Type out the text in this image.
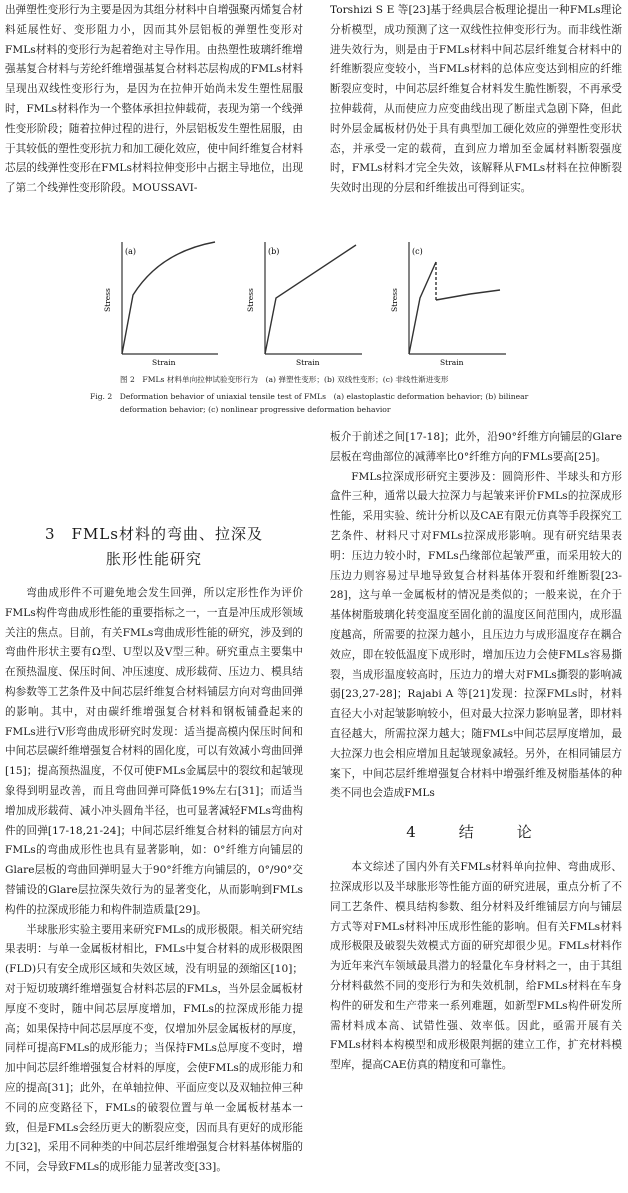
出弹塑性变形行为主要是因为其组分材料中自增强聚丙烯复合材料延展性好、变形阻力小，因而其外层铝板的弹塑性变形对FMLs材料的变形行为起着绝对主导作用。由热塑性玻璃纤维增强基复合材料与芳纶纤维增强基复合材料芯层构成的FMLs材料呈现出双线性变形行为，是因为在拉伸开始尚未发生塑性屈服时，FMLs材料作为一个整体承担拉伸载荷，表现为第一个线弹性变形阶段；随着拉伸过程的进行，外层铝板发生塑性屈服，由于其较低的塑性变形抗力和加工硬化效应，使中间纤维复合材料芯层的线弹性变形在FMLs材料拉伸变形中占据主导地位，出现了第二个线弹性变形阶段。MOUSSAVI-

Torshizi S E 等[23]基于经典层合板理论提出一种FMLs理论分析模型，成功预测了这一双线性拉伸变形行为。而非线性渐进失效行为，则是由于FMLs材料中间芯层纤维复合材料中的纤维断裂应变较小，当FMLs材料的总体应变达到相应的纤维断裂应变时，中间芯层纤维复合材料发生脆性断裂，不再承受拉伸载荷，从而使应力应变曲线出现了断崖式急剧下降，但此时外层金属板材仍处于具有典型加工硬化效应的弹塑性变形状态，并承受一定的载荷，直到应力增加至金属材料断裂强度时，FMLs材料才完全失效，该解释从FMLs材料在拉伸断裂失效时出现的分层和纤维拔出可得到证实。

(a)
Stress
Strain
(b)
Stress
Strain
(c)
Stress
Strain
图 2　FMLs 材料单向拉伸试验变形行为　(a) 弹塑性变形；(b) 双线性变形；(c) 非线性渐进变形
Fig. 2　Deformation behavior of uniaxial tensile test of FMLs　(a) elastoplastic deformation behavior; (b) bilinear
deformation behavior; (c) nonlinear progressive deformation behavior
3　FMLs材料的弯曲、拉深及
胀形性能研究

弯曲成形件不可避免地会发生回弹，所以定形性作为评价FMLs构件弯曲成形性能的重要指标之一，一直是冲压成形领域关注的焦点。目前，有关FMLs弯曲成形性能的研究，涉及到的弯曲件形状主要有Ω型、U型以及V型三种。研究重点主要集中在预热温度、保压时间、冲压速度、成形载荷、压边力、模具结构参数等工艺条件及中间芯层纤维复合材料铺层方向对弯曲回弹的影响。其中，对由碳纤维增强复合材料和钢板铺叠起来的FMLs进行V形弯曲成形研究时发现：适当提高模内保压时间和中间芯层碳纤维增强复合材料的固化度，可以有效减小弯曲回弹[15]；提高预热温度，不仅可使FMLs金属层中的裂纹和起皱现象得到明显改善，而且弯曲回弹可降低19%左右[31]；而适当增加成形载荷、减小冲头圆角半径，也可显著减轻FMLs弯曲构件的回弹[17-18,21-24]；中间芯层纤维复合材料的铺层方向对FMLs的弯曲成形性也具有显著影响，如：0°纤维方向铺层的Glare层板的弯曲回弹明显大于90°纤维方向铺层的，0°/90°交替铺设的Glare层拉深失效行为的显著变化，从而影响到FMLs构件的拉深成形能力和构件制造质量[29]。

半球胀形实验主要用来研究FMLs的成形极限。相关研究结果表明：与单一金属板材相比，FMLs中复合材料的成形极限图(FLD)只有安全成形区域和失效区域，没有明显的颈缩区[10]；对于短切玻璃纤维增强复合材料芯层的FMLs，当外层金属板材厚度不变时，随中间芯层厚度增加，FMLs的拉深成形能力提高；如果保持中间芯层厚度不变，仅增加外层金属板材的厚度，同样可提高FMLs的成形能力；当保持FMLs总厚度不变时，增加中间芯层纤维增强复合材料的厚度，会使FMLs的成形能力和应的提高[31]；此外，在单轴拉伸、平面应变以及双轴拉伸三种不同的应变路径下，FMLs的破裂位置与单一金属板材基本一致，但是FMLs会经历更大的断裂应变，因而具有更好的成形能力[32]，采用不同种类的中间芯层纤维增强复合材料基体树脂的不同，会导致FMLs的成形能力显著改变[33]。

板介于前述之间[17-18]；此外，沿90°纤维方向铺层的Glare层板在弯曲部位的减薄率比0°纤维方向的FMLs要高[25]。

FMLs拉深成形研究主要涉及：圆筒形件、半球头和方形盒件三种，通常以最大拉深力与起皱来评价FMLs的拉深成形性能，采用实验、统计分析以及CAE有限元仿真等手段探究工艺条件、材料尺寸对FMLs拉深成形影响。现有研究结果表明：压边力较小时，FMLs凸缘部位起皱严重，而采用较大的压边力则容易过早地导致复合材料基体开裂和纤维断裂[23-28]，这与单一金属板材的情况是类似的；一般来说，在介于基体树脂玻璃化转变温度至固化前的温度区间范围内，成形温度越高，所需要的拉深力越小，且压边力与成形温度存在耦合效应，即在较低温度下成形时，增加压边力会使FMLs容易撕裂，当成形温度较高时，压边力的增大对FMLs撕裂的影响减弱[23,27-28]；Rajabi A 等[21]发现：拉深FMLs时，材料直径大小对起皱影响较小，但对最大拉深力影响显著，即材料直径越大，所需拉深力越大；随FMLs中间芯层厚度增加，最大拉深力也会相应增加且起皱现象减轻。另外，在相同铺层方案下，中间芯层纤维增强复合材料中增强纤维及树脂基体的种类不同也会造成FMLs

4　结　论

本文综述了国内外有关FMLs材料单向拉伸、弯曲成形、拉深成形以及半球胀形等性能方面的研究进展，重点分析了不同工艺条件、模具结构参数、组分材料及纤维铺层方向与铺层方式等对FMLs材料冲压成形性能的影响。但有关FMLs材料成形极限及破裂失效模式方面的研究却很少见。FMLs材料作为近年来汽车领域最具潜力的轻量化车身材料之一，由于其组分材料截然不同的变形行为和失效机制，给FMLs材料在车身构件的研发和生产带来一系列难题，如新型FMLs构件研发所需材料成本高、试错性强、效率低。因此，亟需开展有关FMLs材料本构模型和成形极限判据的建立工作，扩充材料模型库，提高CAE仿真的精度和可靠性。
